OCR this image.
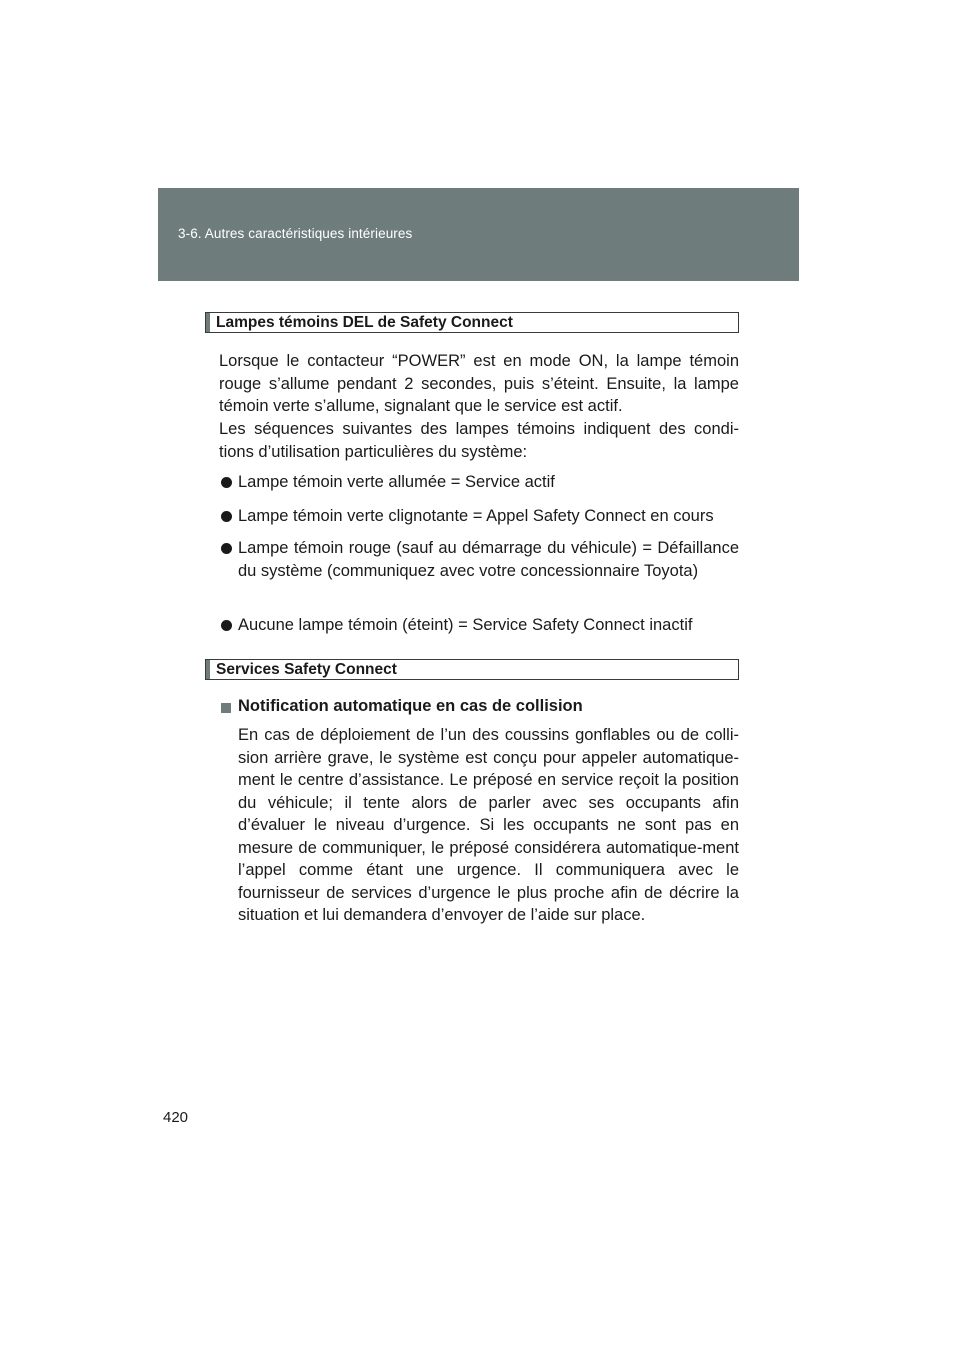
3-6. Autres caractéristiques intérieures
Lampes témoins DEL de Safety Connect
Lorsque le contacteur “POWER” est en mode ON, la lampe témoin rouge s’allume pendant 2 secondes, puis s’éteint. Ensuite, la lampe témoin verte s’allume, signalant que le service est actif.
Les séquences suivantes des lampes témoins indiquent des condi-tions d’utilisation particulières du système:
Lampe témoin verte allumée = Service actif
Lampe témoin verte clignotante = Appel Safety Connect en cours
Lampe témoin rouge (sauf au démarrage du véhicule) = Défaillance du système (communiquez avec votre concessionnaire Toyota)
Aucune lampe témoin (éteint) = Service Safety Connect inactif
Services Safety Connect
Notification automatique en cas de collision
En cas de déploiement de l’un des coussins gonflables ou de colli-sion arrière grave, le système est conçu pour appeler automatique-ment le centre d’assistance. Le préposé en service reçoit la position du véhicule; il tente alors de parler avec ses occupants afin d’évaluer le niveau d’urgence. Si les occupants ne sont pas en mesure de communiquer, le préposé considérera automatique-ment l’appel comme étant une urgence. Il communiquera avec le fournisseur de services d’urgence le plus proche afin de décrire la situation et lui demandera d’envoyer de l’aide sur place.
420
